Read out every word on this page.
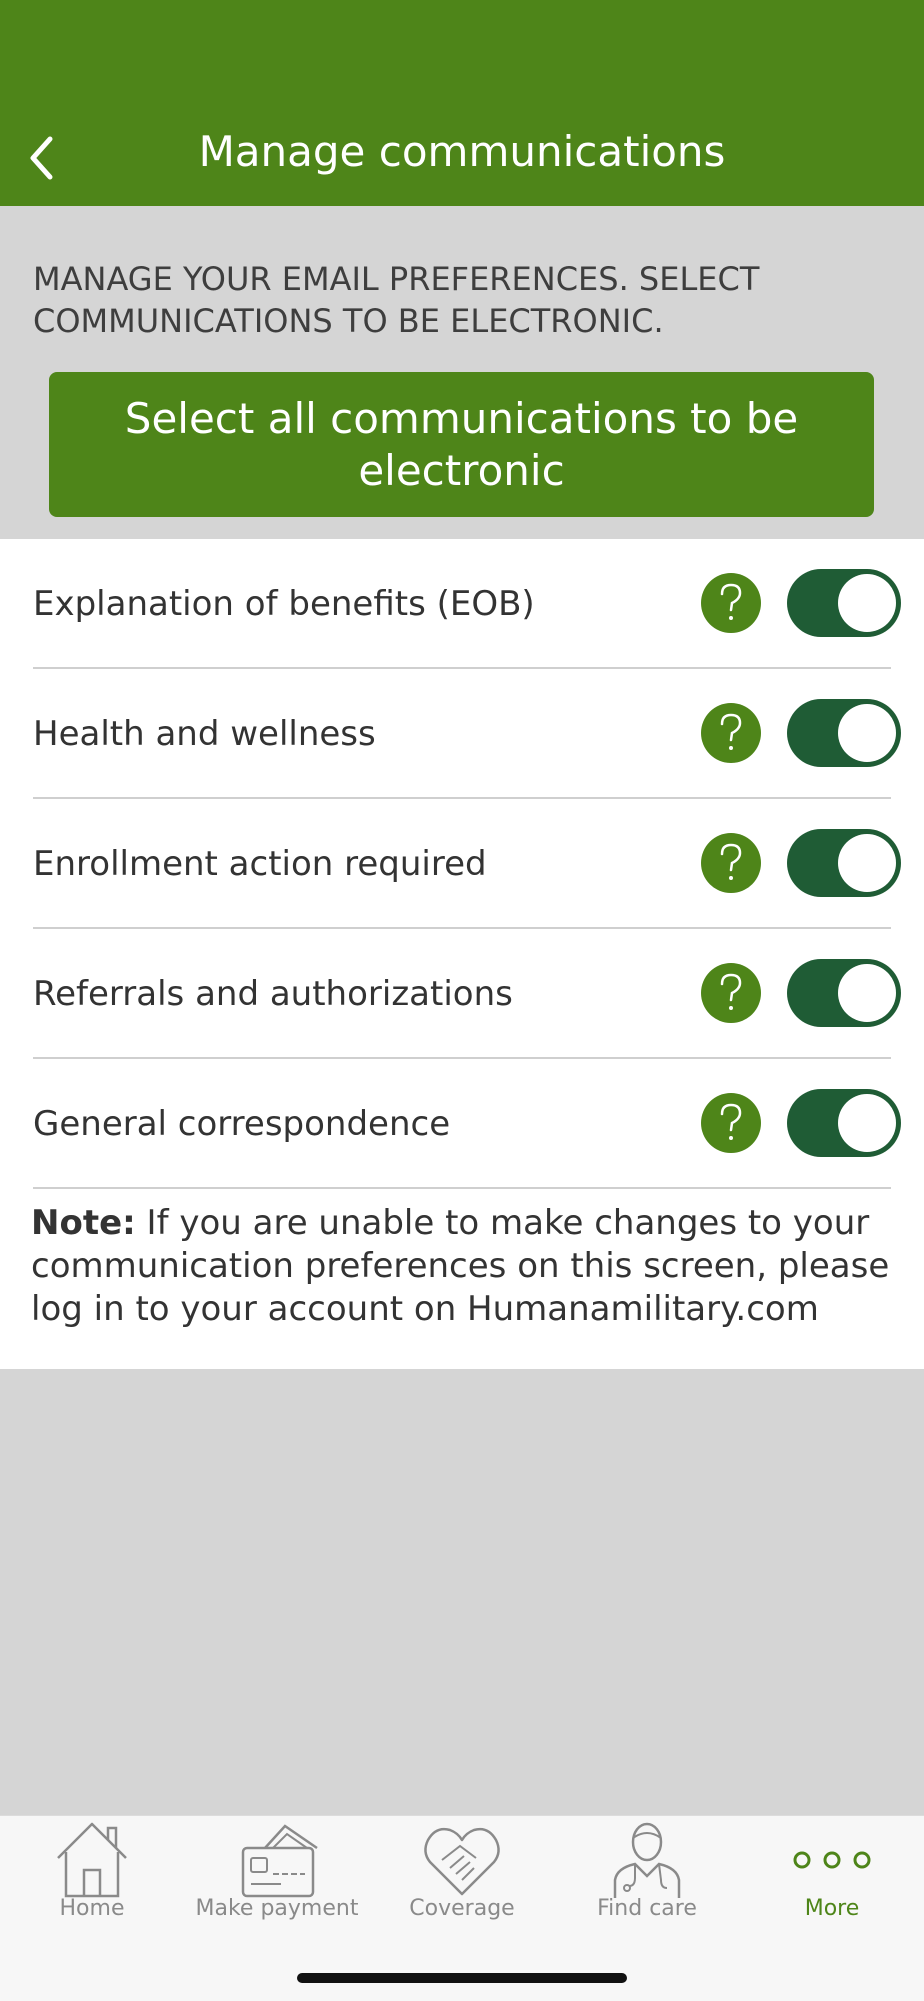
Manage communications
MANAGE YOUR EMAIL PREFERENCES. SELECT COMMUNICATIONS TO BE ELECTRONIC.
Select all communications to be electronic
Explanation of benefits (EOB)
Health and wellness
Enrollment action required
Referrals and authorizations
General correspondence
Note: If you are unable to make changes to your communication preferences on this screen, please log in to your account on Humanamilitary.com
Home	Make payment	Coverage	Find care	More
